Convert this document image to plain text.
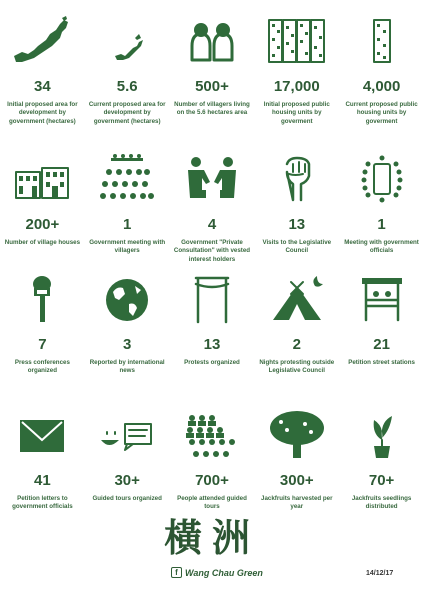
34
Initial proposed area for development by government (hectares)
5.6
Current proposed area for development by government (hectares)
500+
Number of villagers living on the 5.6 hectares area
17,000
Initial proposed public housing units by goverment
4,000
Current proposed public housing units by goverment
200+
Number of village houses
1
Government meeting with villagers
4
Government "Private Consultation" with vested interest holders
13
Visits to the Legislative Council
1
Meeting with government officials
7
Press conferences organized
3
Reported by international news
13
Protests organized
2
Nights protesting outside Legislative Council
21
Petition street stations
41
Petition letters to government officials
30+
Guided tours organized
700+
People attended guided tours
300+
Jackfruits harvested per year
70+
Jackfruits seedlings distributed
橫洲
f Wang Chau Green	14/12/17
